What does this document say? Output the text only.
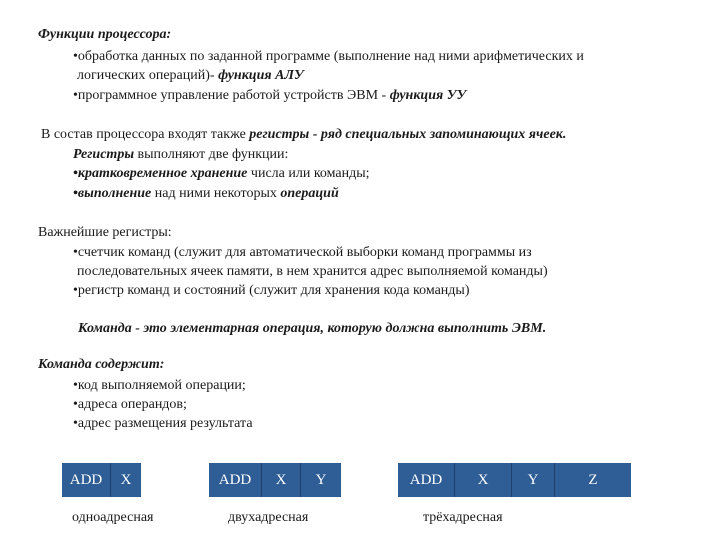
Функции процессора:
•обработка данных по заданной программе (выполнение над ними арифметических и
логических операций)- функция АЛУ
•программное управление работой устройств ЭВМ - функция УУ
В состав процессора входят также регистры - ряд специальных запоминающих ячеек.
Регистры выполняют две функции:
•кратковременное хранение числа или команды;
•выполнение над ними некоторых операций
Важнейшие регистры:
•счетчик команд (служит для автоматической выборки команд программы из
последовательных ячеек памяти, в нем хранится адрес выполняемой команды)
•регистр команд и состояний (служит для хранения кода команды)
Команда - это элементарная операция, которую должна выполнить ЭВМ.
Команда содержит:
•код выполняемой операции;
•адреса операндов;
•адрес размещения результата
ADD	X
одноадресная
ADD	X	Y
двухадресная
ADD	X	Y	Z
трёхадресная
